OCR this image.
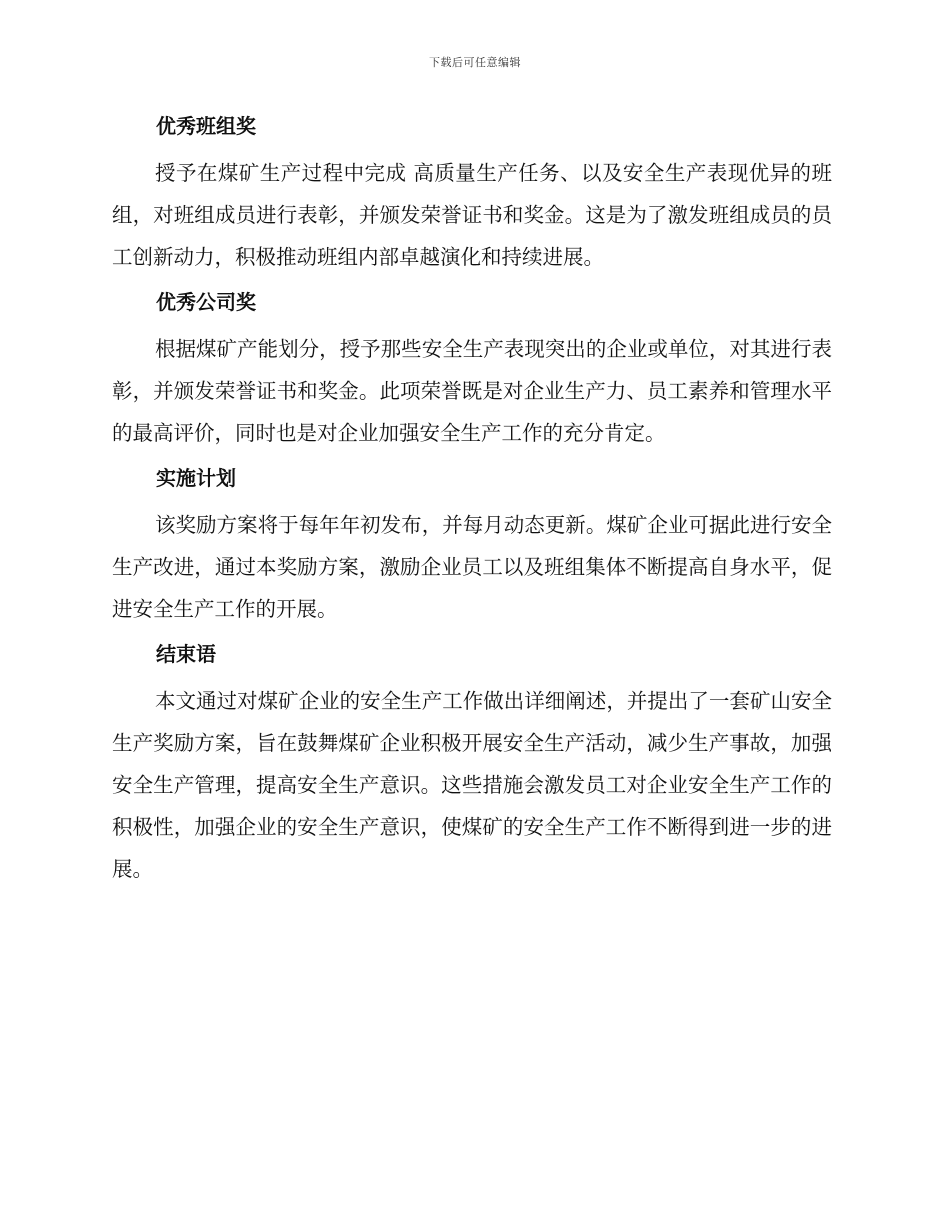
下载后可任意编辑
优秀班组奖

授予在煤矿生产过程中完成 高质量生产任务、以及安全生产表现优异的班组，对班组成员进行表彰，并颁发荣誉证书和奖金。这是为了激发班组成员的员工创新动力，积极推动班组内部卓越演化和持续进展。

优秀公司奖

根据煤矿产能划分，授予那些安全生产表现突出的企业或单位，对其进行表彰，并颁发荣誉证书和奖金。此项荣誉既是对企业生产力、员工素养和管理水平的最高评价，同时也是对企业加强安全生产工作的充分肯定。

实施计划

该奖励方案将于每年年初发布，并每月动态更新。煤矿企业可据此进行安全生产改进，通过本奖励方案，激励企业员工以及班组集体不断提高自身水平，促进安全生产工作的开展。

结束语

本文通过对煤矿企业的安全生产工作做出详细阐述，并提出了一套矿山安全生产奖励方案，旨在鼓舞煤矿企业积极开展安全生产活动，减少生产事故，加强安全生产管理，提高安全生产意识。这些措施会激发员工对企业安全生产工作的积极性，加强企业的安全生产意识，使煤矿的安全生产工作不断得到进一步的进展。
